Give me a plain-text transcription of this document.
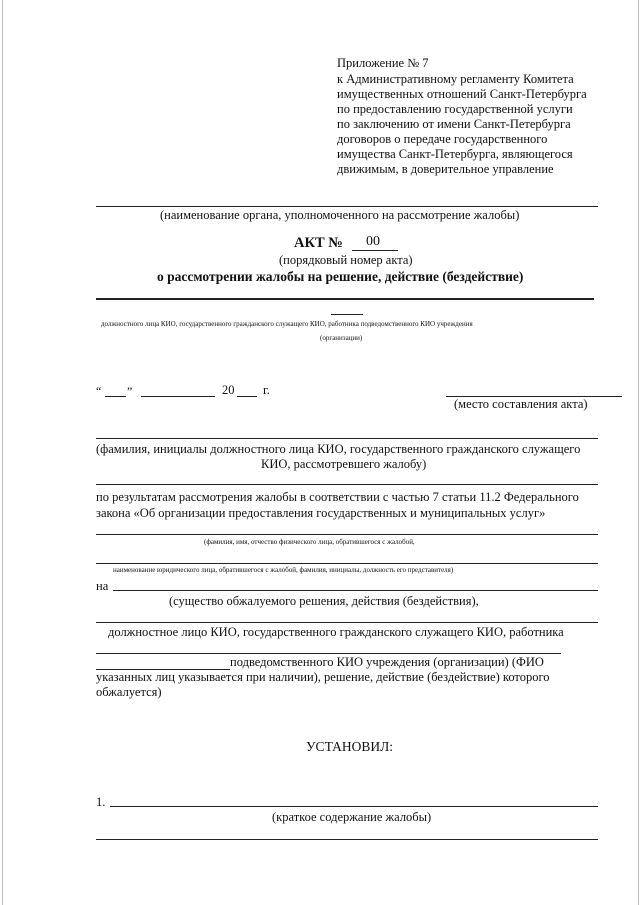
Приложение № 7

к Административному регламенту Комитета

имущественных отношений Санкт-Петербурга

по предоставлению государственной услуги

по заключению от имени Санкт-Петербурга

договоров о передаче государственного

имущества Санкт-Петербурга, являющегося

движимым, в доверительное управление

(наименование органа, уполномоченного на рассмотрение жалобы)

АКТ № 00

(порядковый номер акта)

о рассмотрении жалобы на решение, действие (бездействие)

должностного лица КИО, государственного гражданского служащего КИО, работника подведомственного КИО учреждения

(организации)

“ ”	20 г.

(место составления акта)

(фамилия, инициалы должностного лица КИО, государственного гражданского служащего

КИО, рассмотревшего жалобу)

по результатам рассмотрения жалобы в соответствии с частью 7 статьи 11.2 Федерального

закона «Об организации предоставления государственных и муниципальных услуг»

(фамилия, имя, отчество физического лица, обратившегося с жалобой,

наименование юридического лица, обратившегося с жалобой, фамилия, инициалы, должность его представителя)

на

(существо обжалуемого решения, действия (бездействия),

должностное лицо КИО, государственного гражданского служащего КИО, работника

подведомственного КИО учреждения (организации) (ФИО

указанных лиц указывается при наличии), решение, действие (бездействие) которого

обжалуется)

УСТАНОВИЛ:

1.

(краткое содержание жалобы)
